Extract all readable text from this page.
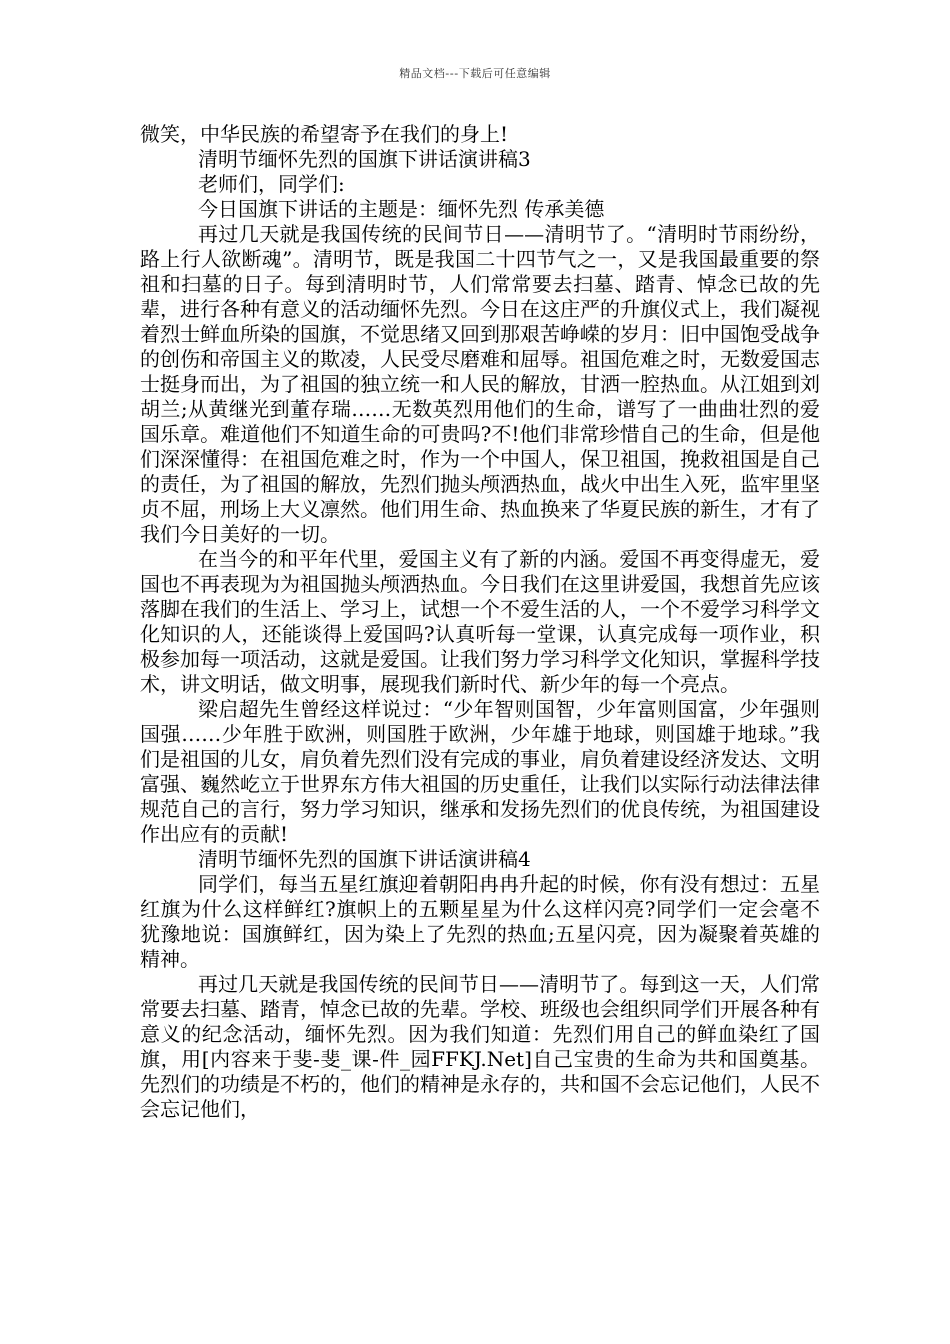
精品文档---下载后可任意编辑

微笑，中华民族的希望寄予在我们的身上!

清明节缅怀先烈的国旗下讲话演讲稿3

老师们，同学们:

今日国旗下讲话的主题是：缅怀先烈 传承美德

再过几天就是我国传统的民间节日——清明节了。“清明时节雨纷纷，路上行人欲断魂”。清明节，既是我国二十四节气之一，又是我国最重要的祭祖和扫墓的日子。每到清明时节，人们常常要去扫墓、踏青、悼念已故的先辈，进行各种有意义的活动缅怀先烈。今日在这庄严的升旗仪式上，我们凝视着烈士鲜血所染的国旗，不觉思绪又回到那艰苦峥嵘的岁月：旧中国饱受战争的创伤和帝国主义的欺凌，人民受尽磨难和屈辱。祖国危难之时，无数爱国志士挺身而出，为了祖国的独立统一和人民的解放，甘洒一腔热血。从江姐到刘胡兰;从黄继光到董存瑞……无数英烈用他们的生命，谱写了一曲曲壮烈的爱国乐章。难道他们不知道生命的可贵吗?不!他们非常珍惜自己的生命，但是他们深深懂得：在祖国危难之时，作为一个中国人，保卫祖国，挽救祖国是自己的责任，为了祖国的解放，先烈们抛头颅洒热血，战火中出生入死，监牢里坚贞不屈，刑场上大义凛然。他们用生命、热血换来了华夏民族的新生，才有了我们今日美好的一切。

在当今的和平年代里，爱国主义有了新的内涵。爱国不再变得虚无，爱国也不再表现为为祖国抛头颅洒热血。今日我们在这里讲爱国，我想首先应该落脚在我们的生活上、学习上，试想一个不爱生活的人，一个不爱学习科学文化知识的人，还能谈得上爱国吗?认真听每一堂课，认真完成每一项作业，积极参加每一项活动，这就是爱国。让我们努力学习科学文化知识，掌握科学技术，讲文明话，做文明事，展现我们新时代、新少年的每一个亮点。

梁启超先生曾经这样说过：“少年智则国智，少年富则国富，少年强则国强……少年胜于欧洲，则国胜于欧洲，少年雄于地球，则国雄于地球。”我们是祖国的儿女，肩负着先烈们没有完成的事业，肩负着建设经济发达、文明富强、巍然屹立于世界东方伟大祖国的历史重任，让我们以实际行动法律法律规范自己的言行，努力学习知识，继承和发扬先烈们的优良传统，为祖国建设作出应有的贡献!

清明节缅怀先烈的国旗下讲话演讲稿4

同学们，每当五星红旗迎着朝阳冉冉升起的时候，你有没有想过：五星红旗为什么这样鲜红?旗帜上的五颗星星为什么这样闪亮?同学们一定会毫不犹豫地说：国旗鲜红，因为染上了先烈的热血;五星闪亮，因为凝聚着英雄的精神。

再过几天就是我国传统的民间节日——清明节了。每到这一天，人们常常要去扫墓、踏青，悼念已故的先辈。学校、班级也会组织同学们开展各种有意义的纪念活动，缅怀先烈。因为我们知道：先烈们用自己的鲜血染红了国旗，用[内容来于斐-斐_课-件_园FFKJ.Net]自己宝贵的生命为共和国奠基。先烈们的功绩是不朽的，他们的精神是永存的，共和国不会忘记他们，人民不会忘记他们，
